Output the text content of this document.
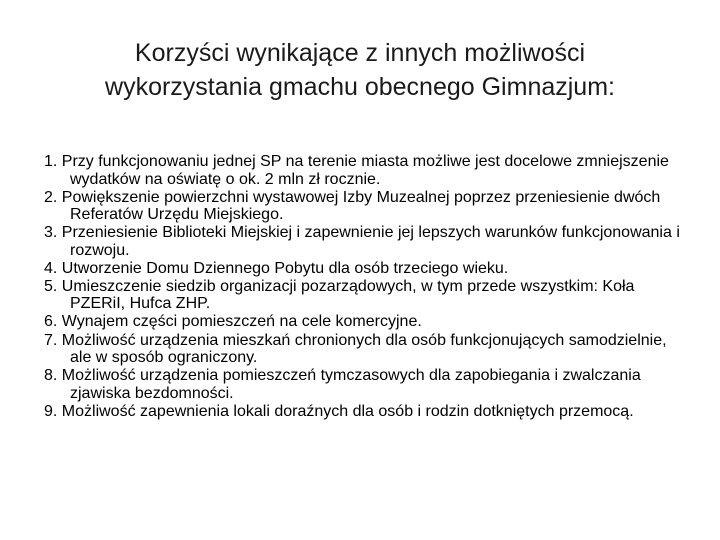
Korzyści wynikające z innych możliwości
wykorzystania gmachu obecnego Gimnazjum:
1. Przy funkcjonowaniu jednej SP na terenie miasta możliwe jest docelowe zmniejszenie wydatków na oświatę o ok. 2 mln zł rocznie.
2. Powiększenie powierzchni wystawowej Izby Muzealnej poprzez przeniesienie dwóch Referatów Urzędu Miejskiego.
3. Przeniesienie Biblioteki Miejskiej i zapewnienie jej lepszych warunków funkcjonowania i rozwoju.
4. Utworzenie Domu Dziennego Pobytu dla osób trzeciego wieku.
5. Umieszczenie siedzib organizacji pozarządowych, w tym przede wszystkim: Koła PZERiI, Hufca ZHP.
6. Wynajem części pomieszczeń na cele komercyjne.
7. Możliwość urządzenia mieszkań chronionych dla osób funkcjonujących samodzielnie, ale w sposób ograniczony.
8. Możliwość urządzenia pomieszczeń tymczasowych dla zapobiegania i zwalczania zjawiska bezdomności.
9. Możliwość zapewnienia lokali doraźnych dla osób i rodzin dotkniętych przemocą.
